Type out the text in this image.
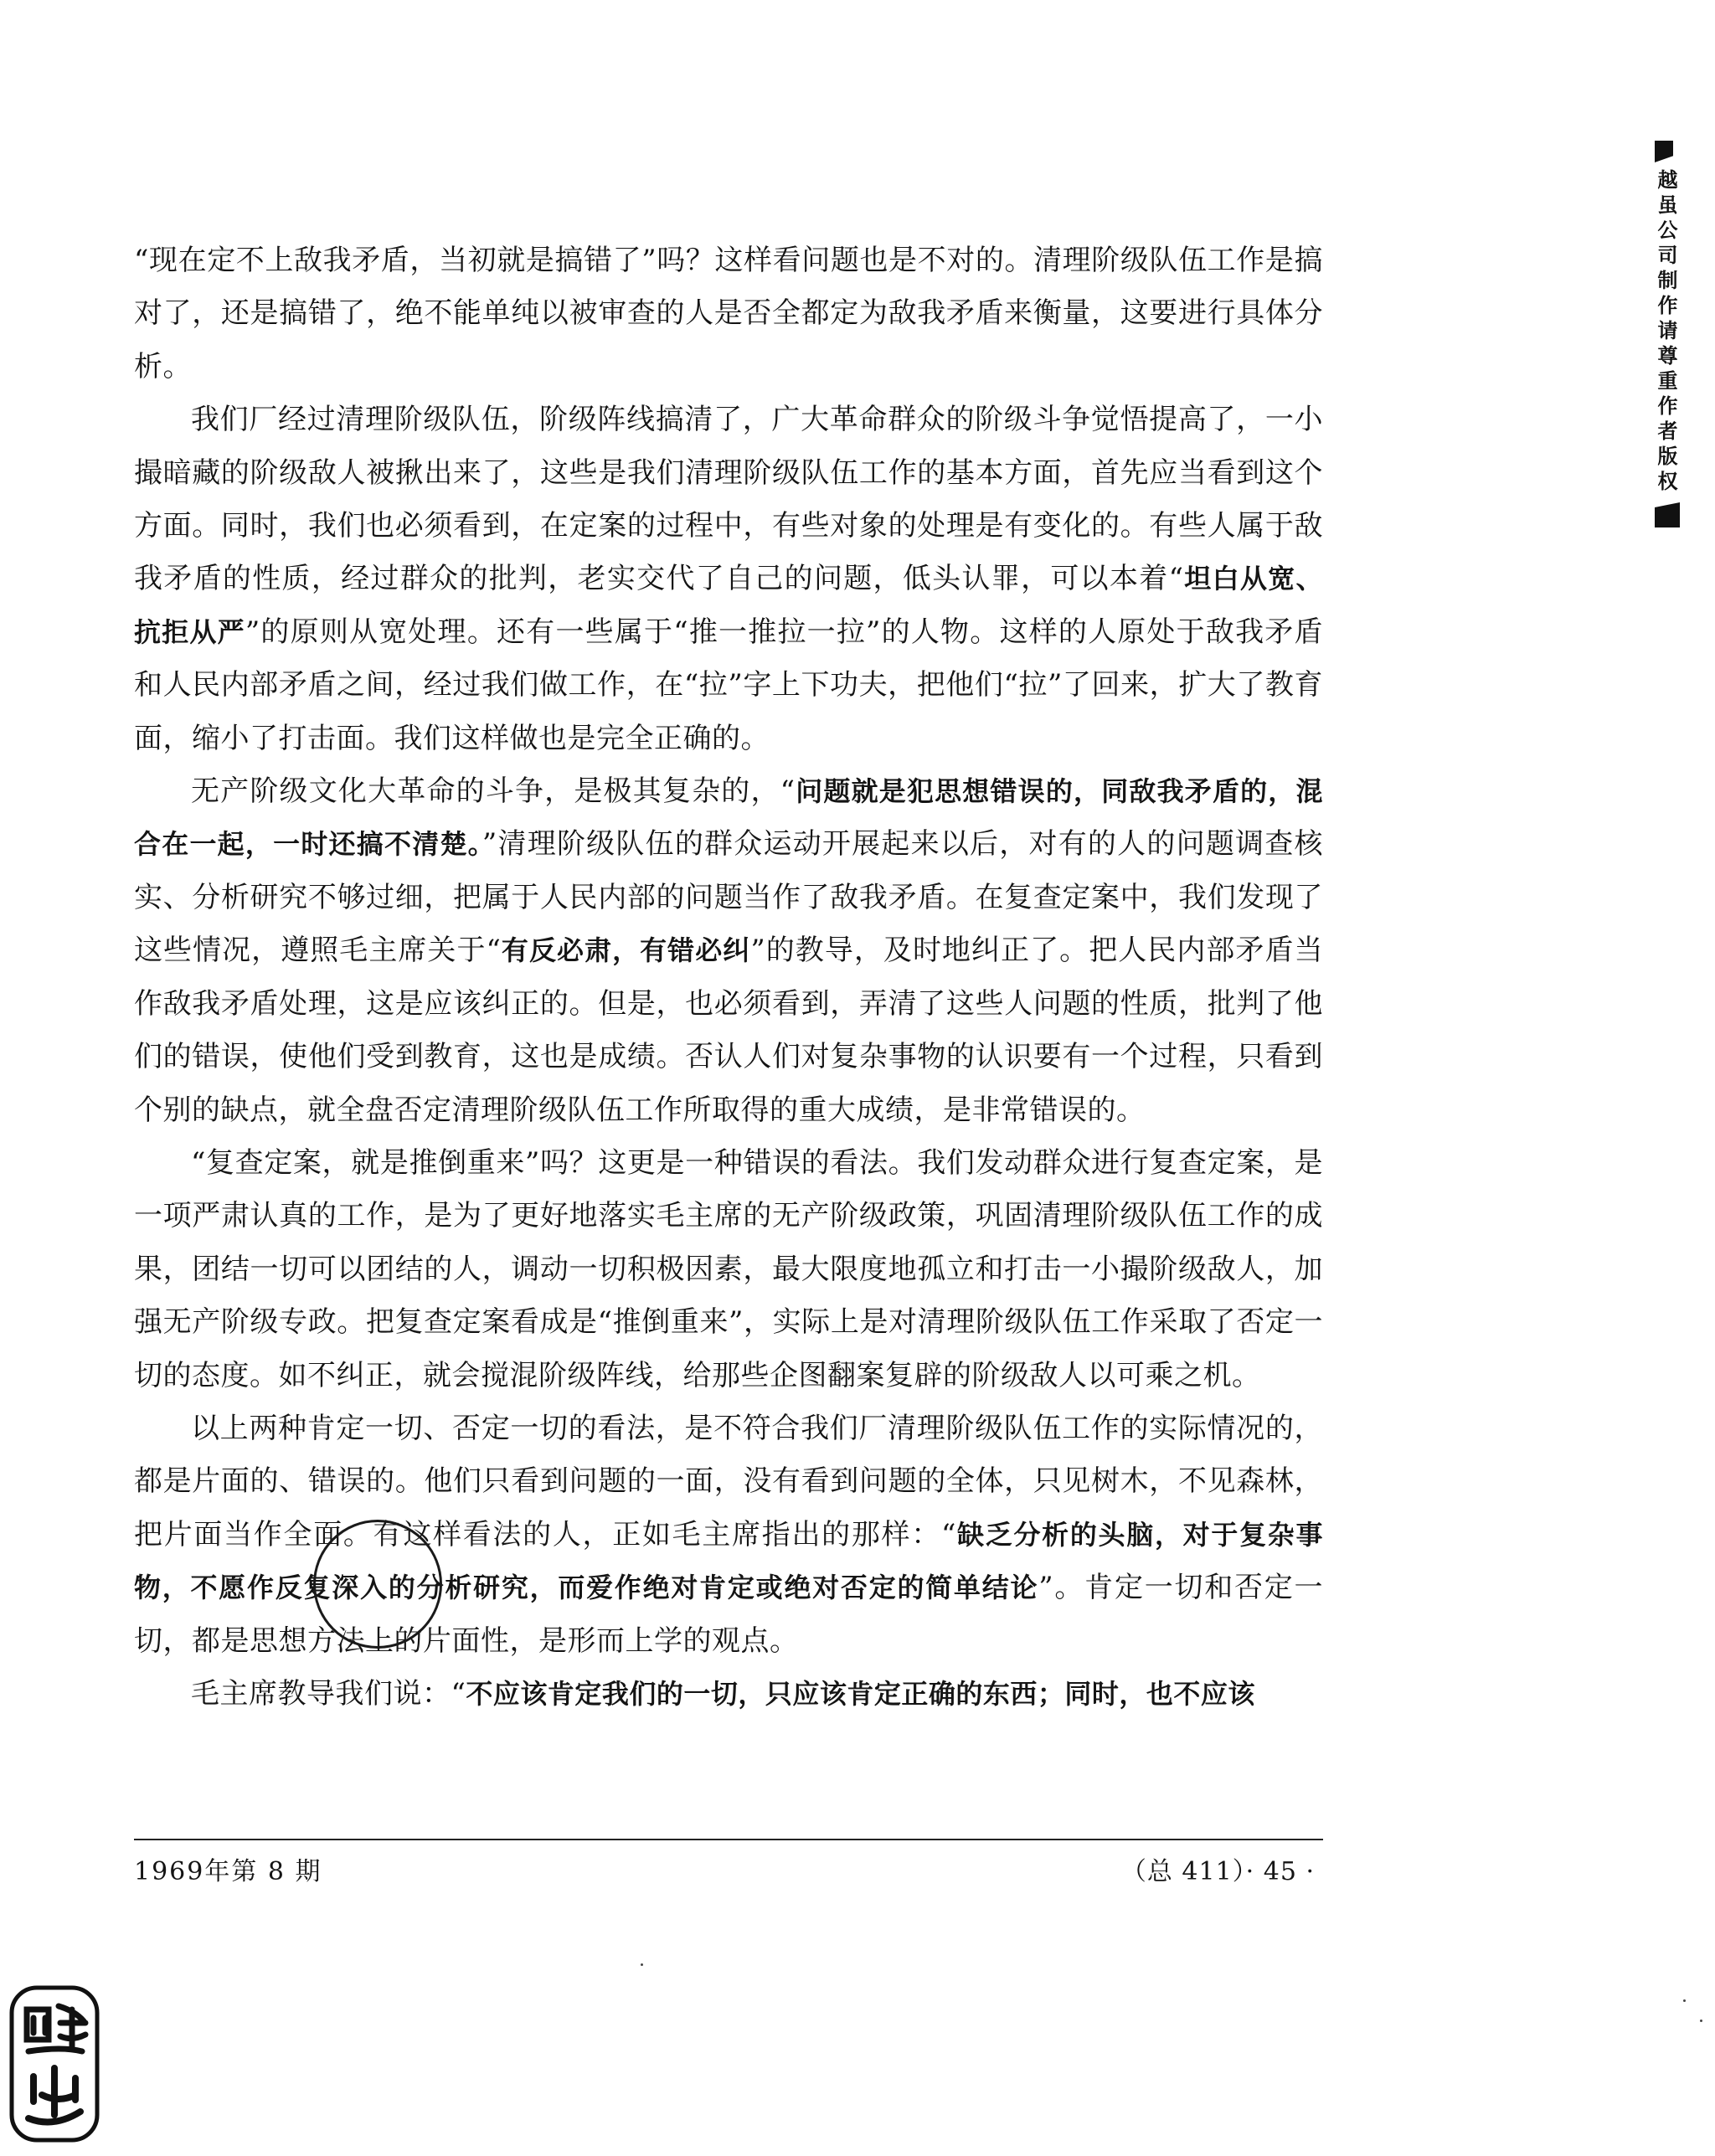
“现在定不上敌我矛盾，当初就是搞错了”吗？这样看问题也是不对的。清理阶级队伍工作是搞对了，还是搞错了，绝不能单纯以被审查的人是否全都定为敌我矛盾来衡量，这要进行具体分析。

我们厂经过清理阶级队伍，阶级阵线搞清了，广大革命群众的阶级斗争觉悟提高了，一小撮暗藏的阶级敌人被揪出来了，这些是我们清理阶级队伍工作的基本方面，首先应当看到这个方面。同时，我们也必须看到，在定案的过程中，有些对象的处理是有变化的。有些人属于敌我矛盾的性质，经过群众的批判，老实交代了自己的问题，低头认罪，可以本着“坦白从宽、抗拒从严”的原则从宽处理。还有一些属于“推一推拉一拉”的人物。这样的人原处于敌我矛盾和人民内部矛盾之间，经过我们做工作，在“拉”字上下功夫，把他们“拉”了回来，扩大了教育面，缩小了打击面。我们这样做也是完全正确的。

无产阶级文化大革命的斗争，是极其复杂的，“问题就是犯思想错误的，同敌我矛盾的，混合在一起，一时还搞不清楚。”清理阶级队伍的群众运动开展起来以后，对有的人的问题调查核实、分析研究不够过细，把属于人民内部的问题当作了敌我矛盾。在复查定案中，我们发现了这些情况，遵照毛主席关于“有反必肃，有错必纠”的教导，及时地纠正了。把人民内部矛盾当作敌我矛盾处理，这是应该纠正的。但是，也必须看到，弄清了这些人问题的性质，批判了他们的错误，使他们受到教育，这也是成绩。否认人们对复杂事物的认识要有一个过程，只看到个别的缺点，就全盘否定清理阶级队伍工作所取得的重大成绩，是非常错误的。

“复查定案，就是推倒重来”吗？这更是一种错误的看法。我们发动群众进行复查定案，是一项严肃认真的工作，是为了更好地落实毛主席的无产阶级政策，巩固清理阶级队伍工作的成果，团结一切可以团结的人，调动一切积极因素，最大限度地孤立和打击一小撮阶级敌人，加强无产阶级专政。把复查定案看成是“推倒重来”，实际上是对清理阶级队伍工作采取了否定一切的态度。如不纠正，就会搅混阶级阵线，给那些企图翻案复辟的阶级敌人以可乘之机。

以上两种肯定一切、否定一切的看法，是不符合我们厂清理阶级队伍工作的实际情况的，都是片面的、错误的。他们只看到问题的一面，没有看到问题的全体，只见树木，不见森林，把片面当作全面。有这样看法的人，正如毛主席指出的那样：“缺乏分析的头脑，对于复杂事物，不愿作反复深入的分析研究，而爱作绝对肯定或绝对否定的简单结论”。肯定一切和否定一切，都是思想方法上的片面性，是形而上学的观点。

毛主席教导我们说：“不应该肯定我们的一切，只应该肯定正确的东西；同时，也不应该

1969年第 8 期	（总 411）· 45 ·
越虽公司制作请尊重作者版权
